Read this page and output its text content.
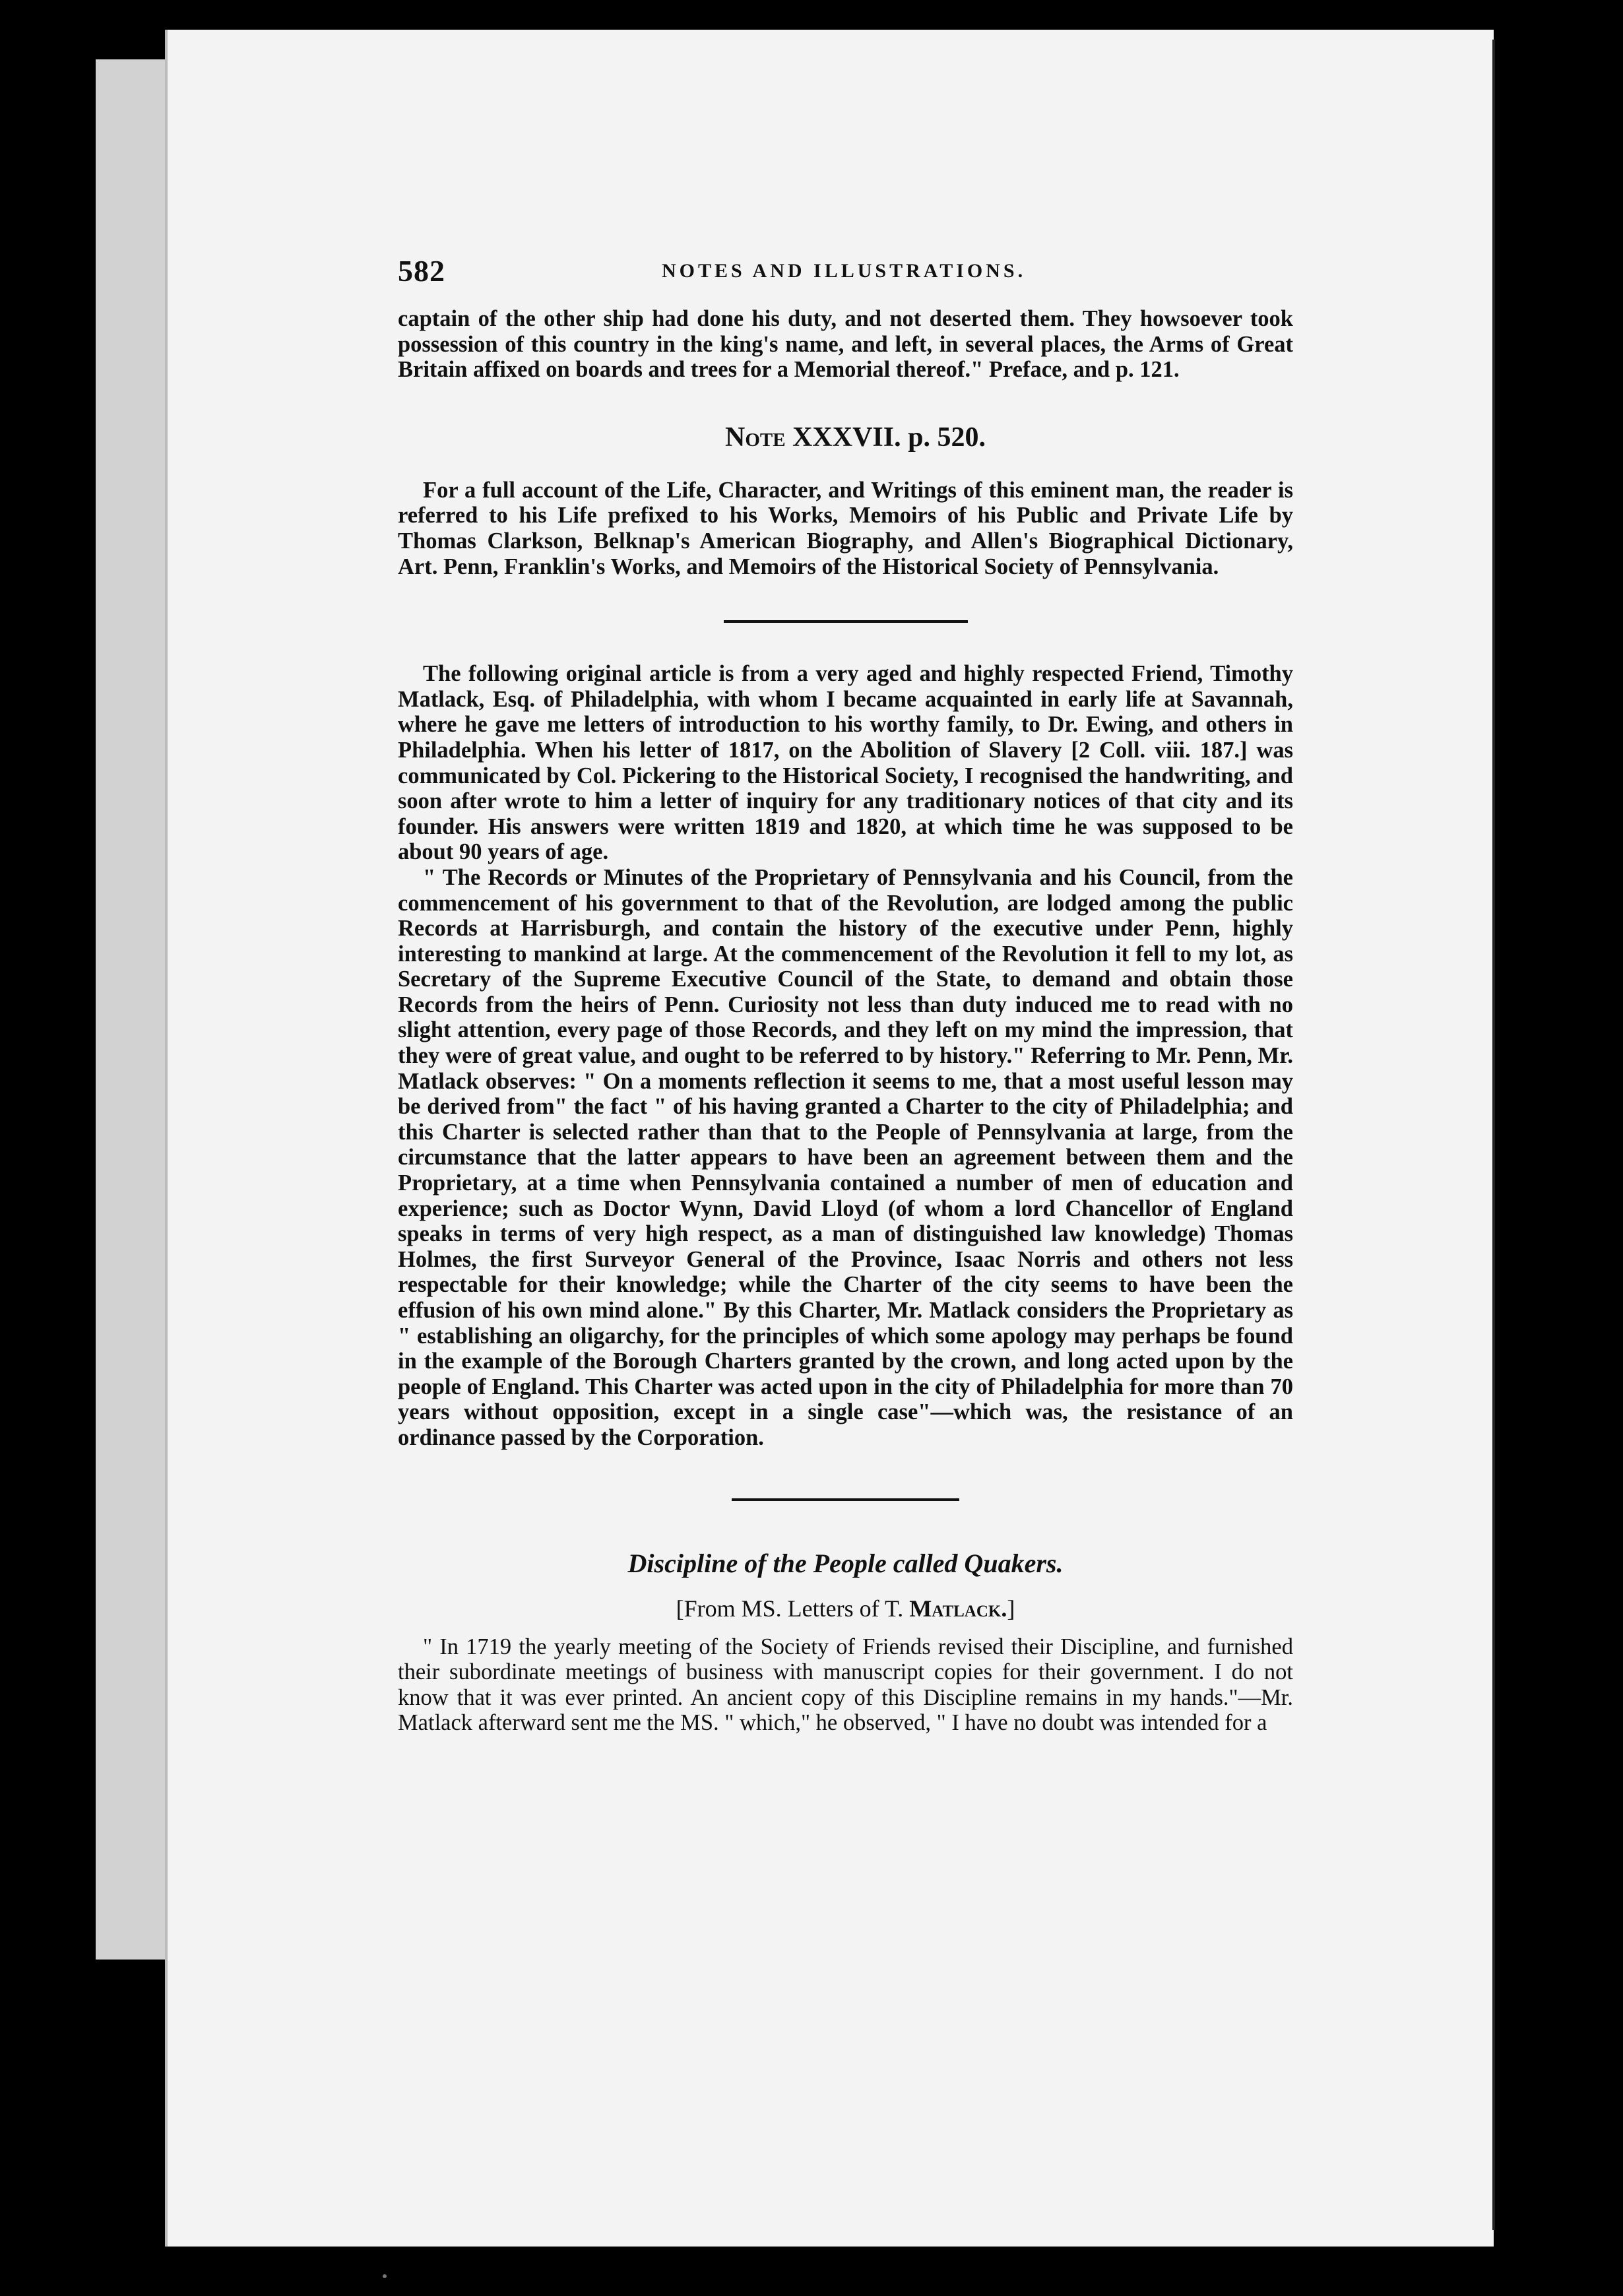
582	NOTES AND ILLUSTRATIONS.

captain of the other ship had done his duty, and not deserted them. They howsoever took possession of this country in the king's name, and left, in several places, the Arms of Great Britain affixed on boards and trees for a Memorial thereof." Preface, and p. 121.

Note XXXVII. p. 520.

For a full account of the Life, Character, and Writings of this eminent man, the reader is referred to his Life prefixed to his Works, Memoirs of his Public and Private Life by Thomas Clarkson, Belknap's American Biography, and Allen's Biographical Dictionary, Art. Penn, Franklin's Works, and Memoirs of the Historical Society of Pennsylvania.

The following original article is from a very aged and highly respected Friend, Timothy Matlack, Esq. of Philadelphia, with whom I became acquainted in early life at Savannah, where he gave me letters of introduction to his worthy family, to Dr. Ewing, and others in Philadelphia. When his letter of 1817, on the Abolition of Slavery [2 Coll. viii. 187.] was communicated by Col. Pickering to the Historical Society, I recognised the handwriting, and soon after wrote to him a letter of inquiry for any traditionary notices of that city and its founder. His answers were written 1819 and 1820, at which time he was supposed to be about 90 years of age.

" The Records or Minutes of the Proprietary of Pennsylvania and his Council, from the commencement of his government to that of the Revolution, are lodged among the public Records at Harrisburgh, and contain the history of the executive under Penn, highly interesting to mankind at large. At the commencement of the Revolution it fell to my lot, as Secretary of the Supreme Executive Council of the State, to demand and obtain those Records from the heirs of Penn. Curiosity not less than duty induced me to read with no slight attention, every page of those Records, and they left on my mind the impression, that they were of great value, and ought to be referred to by history." Referring to Mr. Penn, Mr. Matlack observes: " On a moments reflection it seems to me, that a most useful lesson may be derived from" the fact " of his having granted a Charter to the city of Philadelphia; and this Charter is selected rather than that to the People of Pennsylvania at large, from the circumstance that the latter appears to have been an agreement between them and the Proprietary, at a time when Pennsylvania contained a number of men of education and experience; such as Doctor Wynn, David Lloyd (of whom a lord Chancellor of England speaks in terms of very high respect, as a man of distinguished law knowledge) Thomas Holmes, the first Surveyor General of the Province, Isaac Norris and others not less respectable for their knowledge; while the Charter of the city seems to have been the effusion of his own mind alone." By this Charter, Mr. Matlack considers the Proprietary as " establishing an oligarchy, for the principles of which some apology may perhaps be found in the example of the Borough Charters granted by the crown, and long acted upon by the people of England. This Charter was acted upon in the city of Philadelphia for more than 70 years without opposition, except in a single case"—which was, the resistance of an ordinance passed by the Corporation.

Discipline of the People called Quakers.

[From MS. Letters of T. Matlack.]

" In 1719 the yearly meeting of the Society of Friends revised their Discipline, and furnished their subordinate meetings of business with manuscript copies for their government. I do not know that it was ever printed. An ancient copy of this Discipline remains in my hands."—Mr. Matlack afterward sent me the MS. " which," he observed, " I have no doubt was intended for a
